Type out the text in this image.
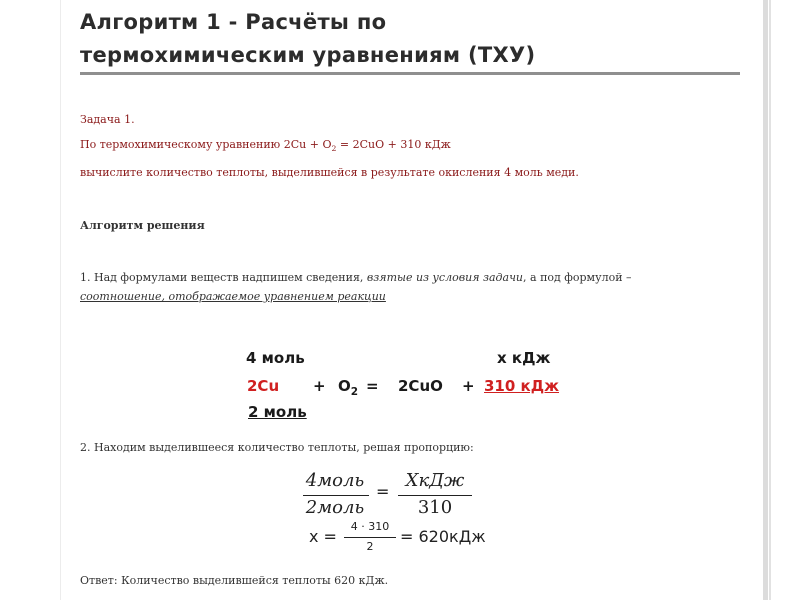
Алгоритм 1 - Расчёты по
термохимическим уравнениям (ТХУ)
Задача 1.
По термохимическому уравнению $2Cu + O_2 = 2CuO + 310$ кДж
вычислите количество теплоты, выделившейся в результате окисления 4 моль меди.
Алгоритм решения
1. Над формулами веществ надпишем сведения, взятые из условия задачи, а под формулой –
соотношение, отображаемое уравнением реакции
4 моль	x кДж
$2Cu + O_2 = 2CuO + 310$ кДж
2 моль
2. Находим выделившееся количество теплоты, решая пропорцию:
4моль
2моль
=
XкДж
310
x =
4 · 310
2
= 620кДж
Ответ: Количество выделившейся теплоты 620 кДж.
